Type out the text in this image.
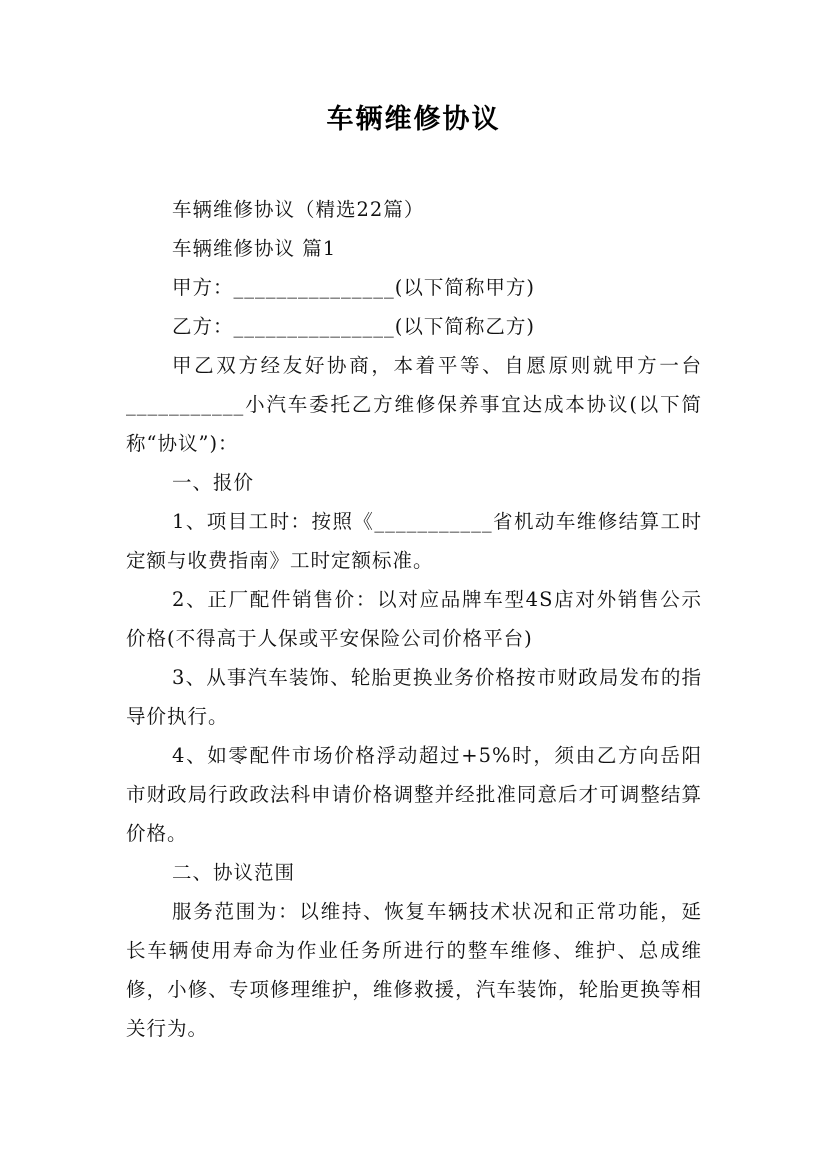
车辆维修协议

车辆维修协议（精选22篇）

车辆维修协议 篇1

甲方：_______________(以下简称甲方)

乙方：_______________(以下简称乙方)

甲乙双方经友好协商，本着平等、自愿原则就甲方一台___________小汽车委托乙方维修保养事宜达成本协议(以下简称“协议”)：

一、报价

1、项目工时：按照《___________省机动车维修结算工时定额与收费指南》工时定额标准。

2、正厂配件销售价：以对应品牌车型4S店对外销售公示价格(不得高于人保或平安保险公司价格平台)

3、从事汽车装饰、轮胎更换业务价格按市财政局发布的指导价执行。

4、如零配件市场价格浮动超过+5%时，须由乙方向岳阳市财政局行政政法科申请价格调整并经批准同意后才可调整结算价格。

二、协议范围

服务范围为：以维持、恢复车辆技术状况和正常功能，延长车辆使用寿命为作业任务所进行的整车维修、维护、总成维修，小修、专项修理维护，维修救援，汽车装饰，轮胎更换等相关行为。
